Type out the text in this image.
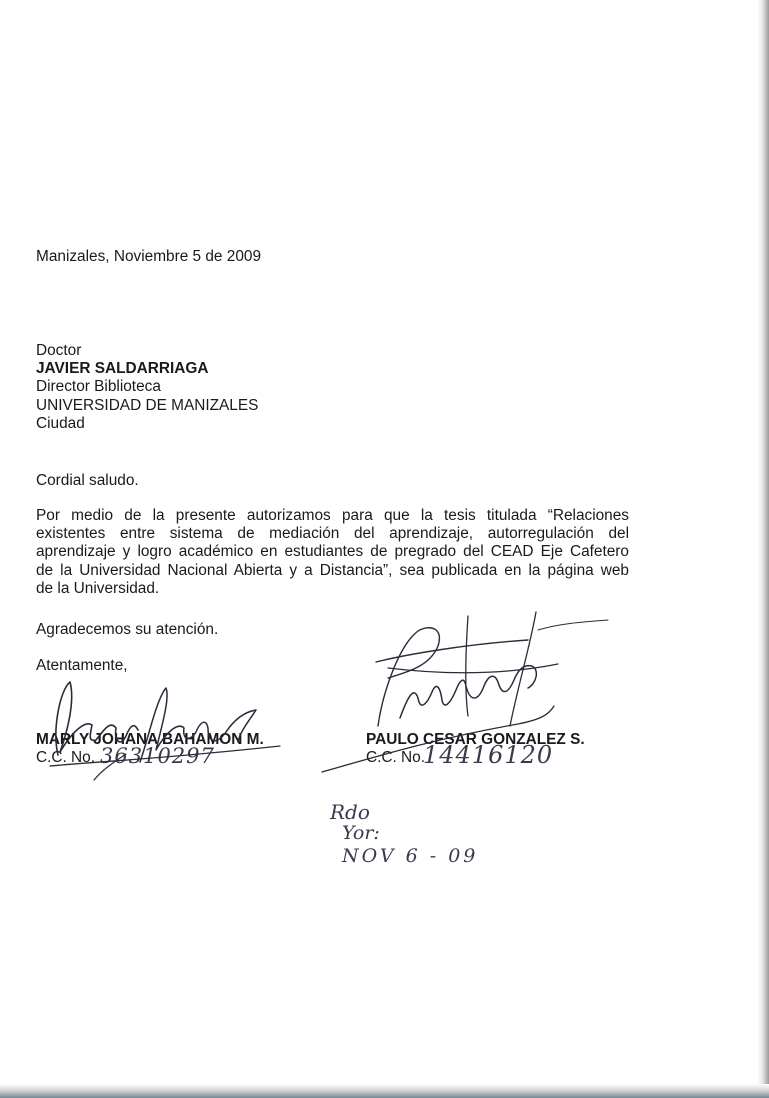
Manizales, Noviembre 5 de 2009
Doctor
JAVIER SALDARRIAGA
Director Biblioteca
UNIVERSIDAD DE MANIZALES
Ciudad
Cordial saludo.
Por medio de la presente autorizamos para que la tesis titulada “Relaciones
existentes entre sistema de mediación del aprendizaje, autorregulación del
aprendizaje y logro académico en estudiantes de pregrado del CEAD Eje Cafetero
de la Universidad Nacional Abierta y a Distancia”, sea publicada en la página web
de la Universidad.
Agradecemos su atención.
Atentamente,
MARLY JOHANA BAHAMON M.
C.C. No. 36310297
PAULO CESAR GONZALEZ S.
C.C. No.
14416120
Rdo
Yor:
NOV 6 - 09
